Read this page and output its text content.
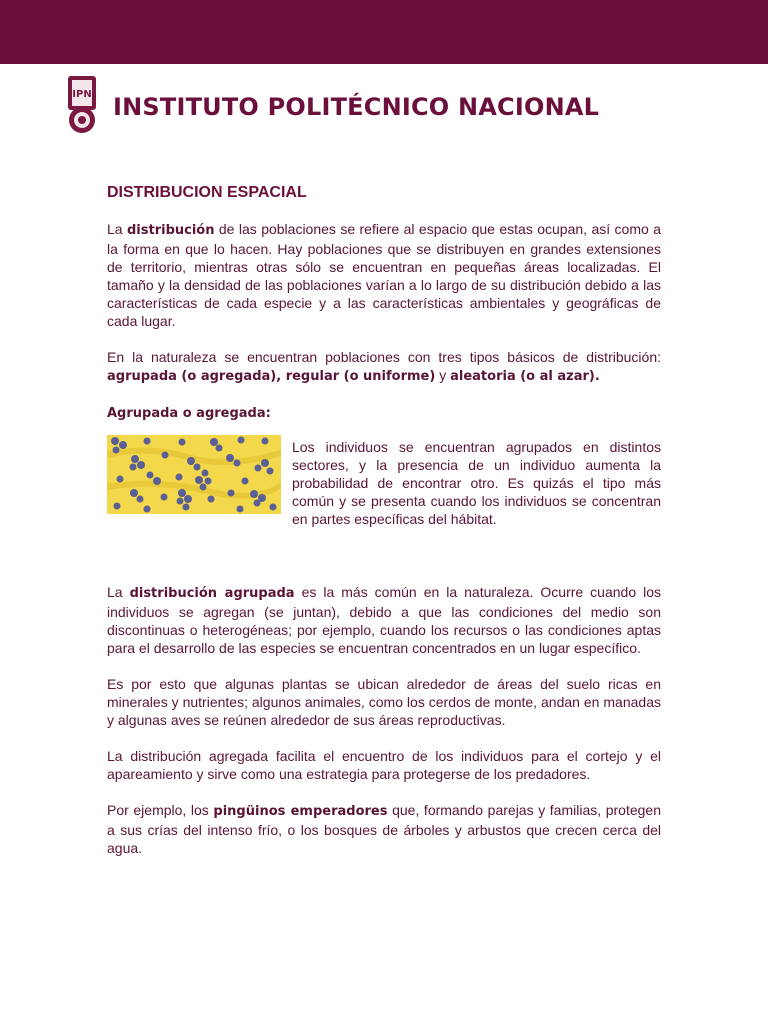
IPN INSTITUTO POLITÉCNICO NACIONAL
DISTRIBUCION ESPACIAL

La distribución de las poblaciones se refiere al espacio que estas ocupan, así como a la forma en que lo hacen. Hay poblaciones que se distribuyen en grandes extensiones de territorio, mientras otras sólo se encuentran en pequeñas áreas localizadas. El tamaño y la densidad de las poblaciones varían a lo largo de su distribución debido a las características de cada especie y a las características ambientales y geográficas de cada lugar.

En la naturaleza se encuentran poblaciones con tres tipos básicos de distribución: agrupada (o agregada), regular (o uniforme) y aleatoria (o al azar).

Agrupada o agregada:

Los individuos se encuentran agrupados en distintos sectores, y la presencia de un individuo aumenta la probabilidad de encontrar otro. Es quizás el tipo más común y se presenta cuando los individuos se concentran en partes específicas del hábitat.

La distribución agrupada es la más común en la naturaleza. Ocurre cuando los individuos se agregan (se juntan), debido a que las condiciones del medio son discontinuas o heterogéneas; por ejemplo, cuando los recursos o las condiciones aptas para el desarrollo de las especies se encuentran concentrados en un lugar específico.

Es por esto que algunas plantas se ubican alrededor de áreas del suelo ricas en minerales y nutrientes; algunos animales, como los cerdos de monte, andan en manadas y algunas aves se reúnen alrededor de sus áreas reproductivas.

La distribución agregada facilita el encuentro de los individuos para el cortejo y el apareamiento y sirve como una estrategia para protegerse de los predadores.

Por ejemplo, los pingüinos emperadores que, formando parejas y familias, protegen a sus crías del intenso frío, o los bosques de árboles y arbustos que crecen cerca del agua.
